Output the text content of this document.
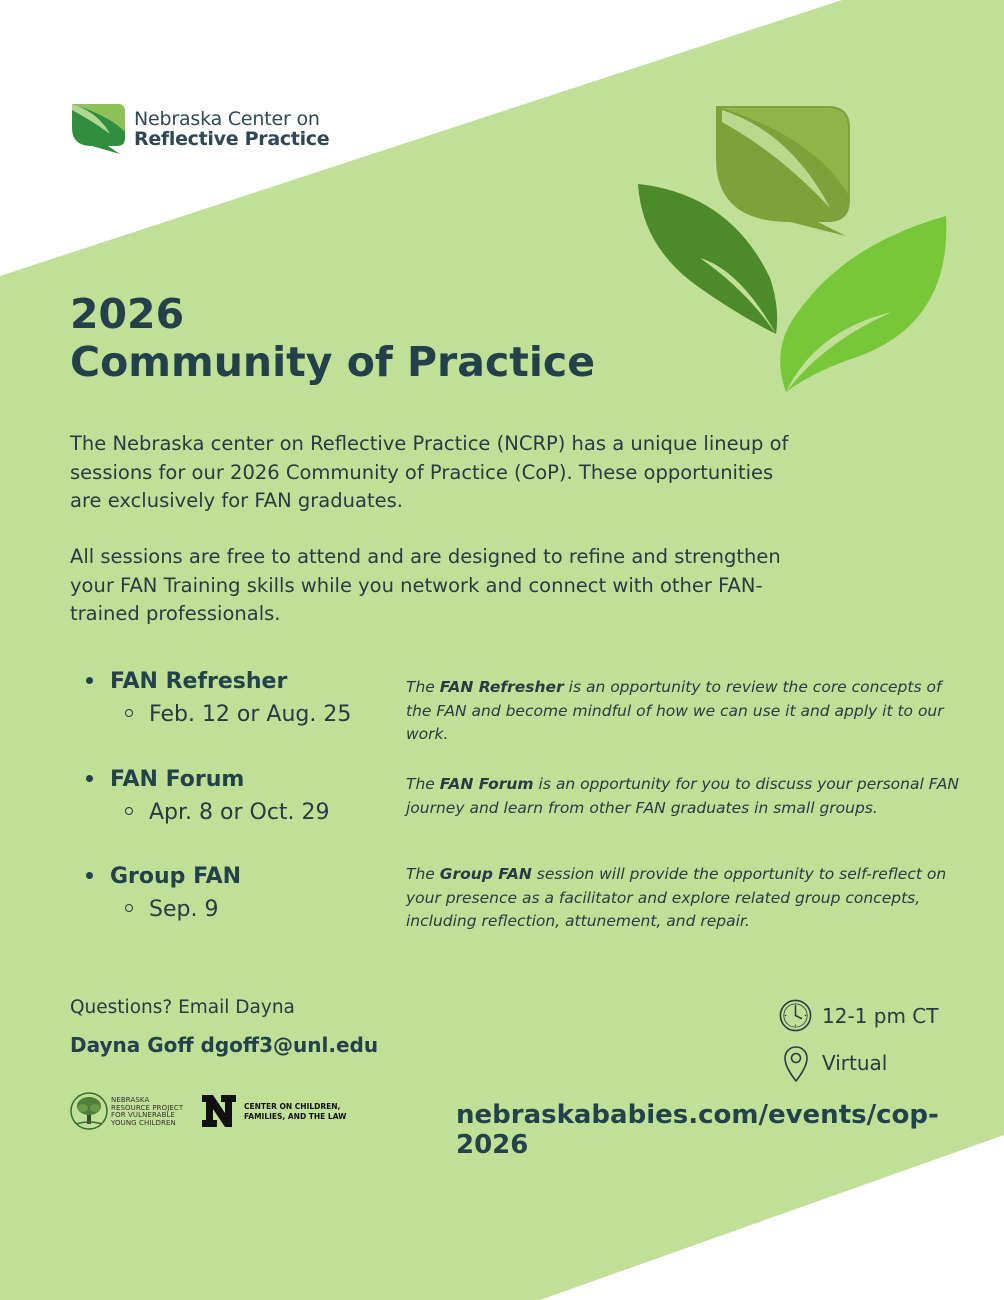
Nebraska Center on
Reflective Practice
2026
Community of Practice

The Nebraska center on Reflective Practice (NCRP) has a unique lineup of sessions for our 2026 Community of Practice (CoP). These opportunities are exclusively for FAN graduates.

All sessions are free to attend and are designed to refine and strengthen your FAN Training skills while you network and connect with other FAN-trained professionals.

FAN Refresher
Feb. 12 or Aug. 25

The FAN Refresher is an opportunity to review the core concepts of the FAN and become mindful of how we can use it and apply it to our work.

FAN Forum
Apr. 8 or Oct. 29

The FAN Forum is an opportunity for you to discuss your personal FAN journey and learn from other FAN graduates in small groups.

Group FAN
Sep. 9

The Group FAN session will provide the opportunity to self-reflect on your presence as a facilitator and explore related group concepts, including reflection, attunement, and repair.

Questions? Email Dayna
Dayna Goff dgoff3@unl.edu
12-1 pm CT
Virtual
nebraskababies.com/events/cop-2026
NEBRASKA
RESOURCE PROJECT
FOR VULNERABLE
YOUNG CHILDREN
CENTER ON CHILDREN,
FAMILIES, AND THE LAW
